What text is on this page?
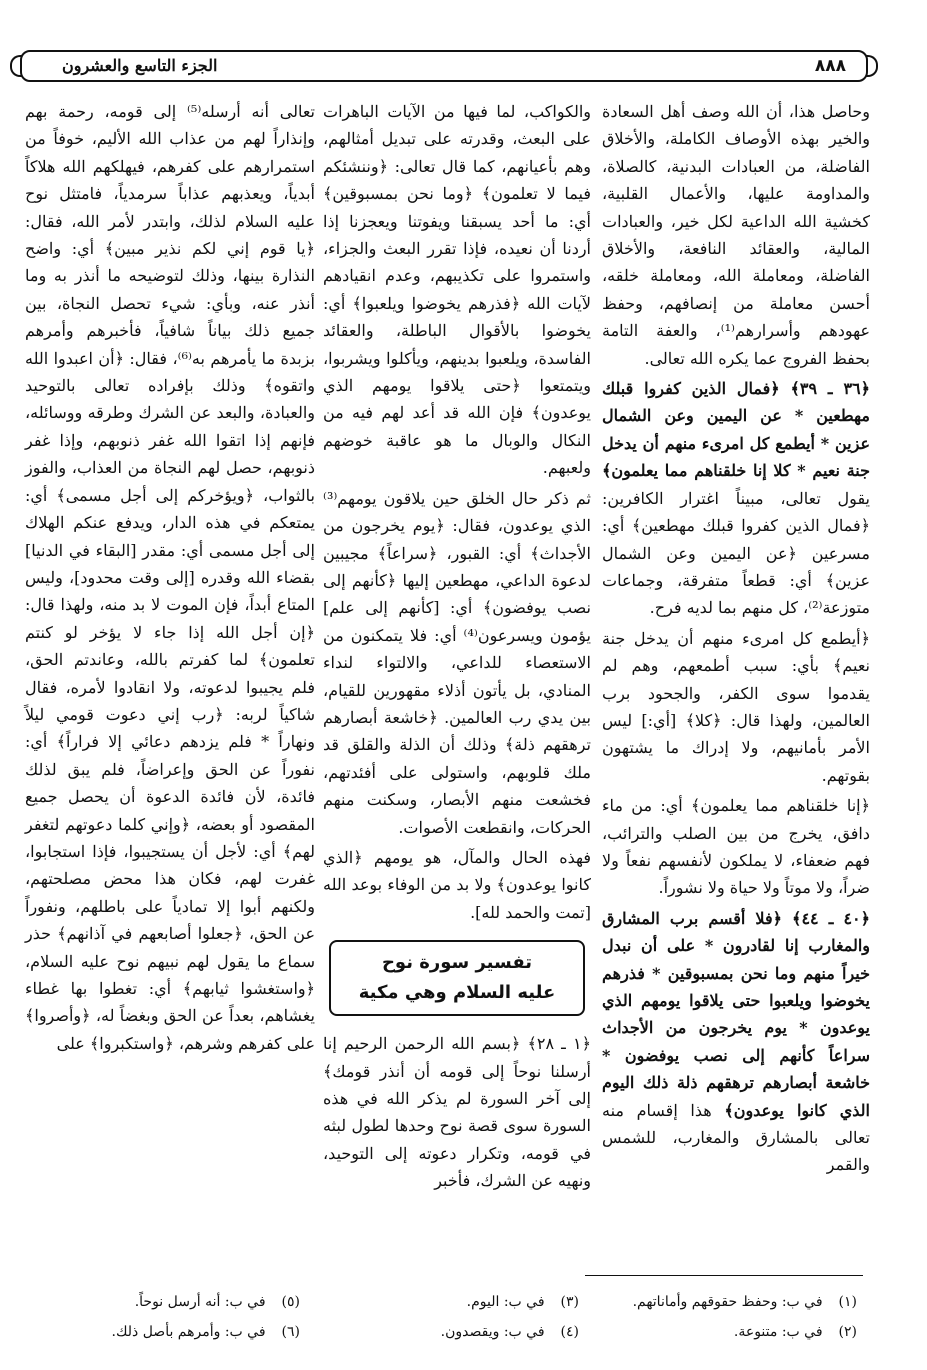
الجزء التاسع والعشرون	٨٨٨

وحاصل هذا، أن الله وصف أهل السعادة والخير بهذه الأوصاف الكاملة، والأخلاق الفاضلة، من العبادات البدنية، كالصلاة، والمداومة عليها، والأعمال القلبية، كخشية الله الداعية لكل خير، والعبادات المالية، والعقائد النافعة، والأخلاق الفاضلة، ومعاملة الله، ومعاملة خلقه، أحسن معاملة من إنصافهم، وحفظ عهودهم وأسرارهم⁽¹⁾، والعفة التامة بحفظ الفروج عما يكره الله تعالى.

﴿٣٦ ـ ٣٩﴾ ﴿فمال الذين كفروا قبلك مهطعين * عن اليمين وعن الشمال عزين * أيطمع كل امرىء منهم أن يدخل جنة نعيم * كلا إنا خلقناهم مما يعلمون﴾ يقول تعالى، مبيناً اغترار الكافرين: ﴿فمال الذين كفروا قبلك مهطعين﴾ أي: مسرعين ﴿عن اليمين وعن الشمال عزين﴾ أي: قطعاً متفرقة، وجماعات متوزعة⁽²⁾، كل منهم بما لديه فرح.

﴿أيطمع كل امرىء منهم أن يدخل جنة نعيم﴾ بأي: سبب أطمعهم، وهم لم يقدموا سوى الكفر، والجحود برب العالمين، ولهذا قال: ﴿كلا﴾ [أي:] ليس الأمر بأمانيهم، ولا إدراك ما يشتهون بقوتهم.

﴿إنا خلقناهم مما يعلمون﴾ أي: من ماء دافق، يخرج من بين الصلب والترائب، فهم ضعفاء، لا يملكون لأنفسهم نفعاً ولا ضراً، ولا موتاً ولا حياة ولا نشوراً.

﴿٤٠ ـ ٤٤﴾ ﴿فلا أقسم برب المشارق والمغارب إنا لقادرون * على أن نبدل خيراً منهم وما نحن بمسبوقين * فذرهم يخوضوا ويلعبوا حتى يلاقوا يومهم الذي يوعدون * يوم يخرجون من الأجداث سراعاً كأنهم إلى نصب يوفضون * خاشعة أبصارهم ترهقهم ذلة ذلك اليوم الذي كانوا يوعدون﴾ هذا إقسام منه تعالى بالمشارق والمغارب، للشمس والقمر

والكواكب، لما فيها من الآيات الباهرات على البعث، وقدرته على تبديل أمثالهم، وهم بأعيانهم، كما قال تعالى: ﴿وننشئكم فيما لا تعلمون﴾ ﴿وما نحن بمسبوقين﴾ أي: ما أحد يسبقنا ويفوتنا ويعجزنا إذا أردنا أن نعيده، فإذا تقرر البعث والجزاء، واستمروا على تكذيبهم، وعدم انقيادهم لآيات الله ﴿فذرهم يخوضوا ويلعبوا﴾ أي: يخوضوا بالأقوال الباطلة، والعقائد الفاسدة، ويلعبوا بدينهم، ويأكلوا ويشربوا، ويتمتعوا ﴿حتى يلاقوا يومهم الذي يوعدون﴾ فإن الله قد أعد لهم فيه من النكال والوبال ما هو عاقبة خوضهم ولعبهم.

ثم ذكر حال الخلق حين يلاقون يومهم⁽³⁾ الذي يوعدون، فقال: ﴿يوم يخرجون من الأجداث﴾ أي: القبور، ﴿سراعاً﴾ مجيبين لدعوة الداعي، مهطعين إليها ﴿كأنهم إلى نصب يوفضون﴾ أي: [كأنهم إلى علم] يؤمون ويسرعون⁽⁴⁾ أي: فلا يتمكنون من الاستعصاء للداعي، والالتواء لنداء المنادي، بل يأتون أذلاء مقهورين للقيام، بين يدي رب العالمين. ﴿خاشعة أبصارهم ترهقهم ذلة﴾ وذلك أن الذلة والقلق قد ملك قلوبهم، واستولى على أفئدتهم، فخشعت منهم الأبصار، وسكنت منهم الحركات، وانقطعت الأصوات.

فهذه الحال والمآل، هو يومهم ﴿الذي كانوا يوعدون﴾ ولا بد من الوفاء بوعد الله [تمت والحمد لله].

تفسير سورة نوح
عليه السلام وهي مكية

﴿١ ـ ٢٨﴾ ﴿بسم الله الرحمن الرحيم إنا أرسلنا نوحاً إلى قومه أن أنذر قومك﴾ إلى آخر السورة لم يذكر الله في هذه السورة سوى قصة نوح وحدها لطول لبثه في قومه، وتكرار دعوته إلى التوحيد، ونهيه عن الشرك، فأخبر

تعالى أنه أرسله⁽⁵⁾ إلى قومه، رحمة بهم وإنذاراً لهم من عذاب الله الأليم، خوفاً من استمرارهم على كفرهم، فيهلكهم الله هلاكاً أبدياً، ويعذبهم عذاباً سرمدياً، فامتثل نوح عليه السلام لذلك، وابتدر لأمر الله، فقال: ﴿يا قوم إني لكم نذير مبين﴾ أي: واضح النذارة بينها، وذلك لتوضيحه ما أنذر به وما أنذر عنه، وبأي: شيء تحصل النجاة، بين جميع ذلك بياناً شافياً، فأخبرهم وأمرهم بزبدة ما يأمرهم به⁽⁶⁾، فقال: ﴿أن اعبدوا الله واتقوه﴾ وذلك بإفراده تعالى بالتوحيد والعبادة، والبعد عن الشرك وطرقه ووسائله، فإنهم إذا اتقوا الله غفر ذنوبهم، وإذا غفر ذنوبهم، حصل لهم النجاة من العذاب، والفوز بالثواب، ﴿ويؤخركم إلى أجل مسمى﴾ أي: يمتعكم في هذه الدار، ويدفع عنكم الهلاك إلى أجل مسمى أي: مقدر [البقاء في الدنيا] بقضاء الله وقدره [إلى وقت محدود]، وليس المتاع أبداً، فإن الموت لا بد منه، ولهذا قال: ﴿إن أجل الله إذا جاء لا يؤخر لو كنتم تعلمون﴾ لما كفرتم بالله، وعاندتم الحق، فلم يجيبوا لدعوته، ولا انقادوا لأمره، فقال شاكياً لربه: ﴿رب إني دعوت قومي ليلاً ونهاراً * فلم يزدهم دعائي إلا فراراً﴾ أي: نفوراً عن الحق وإعراضاً، فلم يبق لذلك فائدة، لأن فائدة الدعوة أن يحصل جميع المقصود أو بعضه، ﴿وإني كلما دعوتهم لتغفر لهم﴾ أي: لأجل أن يستجيبوا، فإذا استجابوا، غفرت لهم، فكان هذا محض مصلحتهم، ولكنهم أبوا إلا تمادياً على باطلهم، ونفوراً عن الحق، ﴿جعلوا أصابعهم في آذانهم﴾ حذر سماع ما يقول لهم نبيهم نوح عليه السلام، ﴿واستغشوا ثيابهم﴾ أي: تغطوا بها غطاء يغشاهم، بعداً عن الحق وبغضاً له، ﴿وأصروا﴾ على كفرهم وشرهم، ﴿واستكبروا﴾ على

(١) في ب: وحفظ حقوقهم وأماناتهم.
(٢) في ب: متنوعة.
(٣) في ب: اليوم.
(٤) في ب: ويقصدون.
(٥) في ب: أنه أرسل نوحاً.
(٦) في ب: وأمرهم بأصل ذلك.
